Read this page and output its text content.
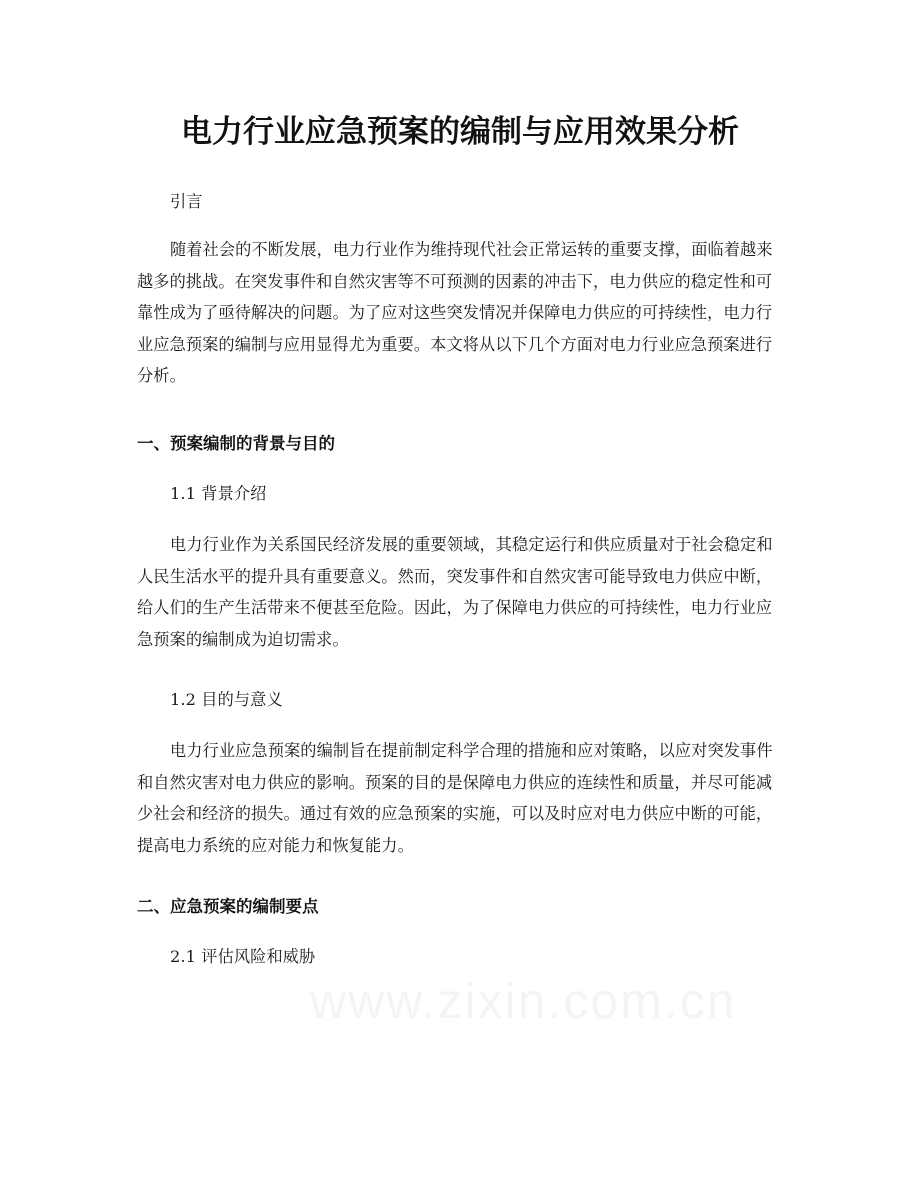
电力行业应急预案的编制与应用效果分析

引言

随着社会的不断发展，电力行业作为维持现代社会正常运转的重要支撑，面临着越来越多的挑战。在突发事件和自然灾害等不可预测的因素的冲击下，电力供应的稳定性和可靠性成为了亟待解决的问题。为了应对这些突发情况并保障电力供应的可持续性，电力行业应急预案的编制与应用显得尤为重要。本文将从以下几个方面对电力行业应急预案进行分析。

一、预案编制的背景与目的

1.1 背景介绍

电力行业作为关系国民经济发展的重要领域，其稳定运行和供应质量对于社会稳定和人民生活水平的提升具有重要意义。然而，突发事件和自然灾害可能导致电力供应中断，给人们的生产生活带来不便甚至危险。因此，为了保障电力供应的可持续性，电力行业应急预案的编制成为迫切需求。

1.2 目的与意义

电力行业应急预案的编制旨在提前制定科学合理的措施和应对策略，以应对突发事件和自然灾害对电力供应的影响。预案的目的是保障电力供应的连续性和质量，并尽可能减少社会和经济的损失。通过有效的应急预案的实施，可以及时应对电力供应中断的可能，提高电力系统的应对能力和恢复能力。

二、应急预案的编制要点

2.1 评估风险和威胁
